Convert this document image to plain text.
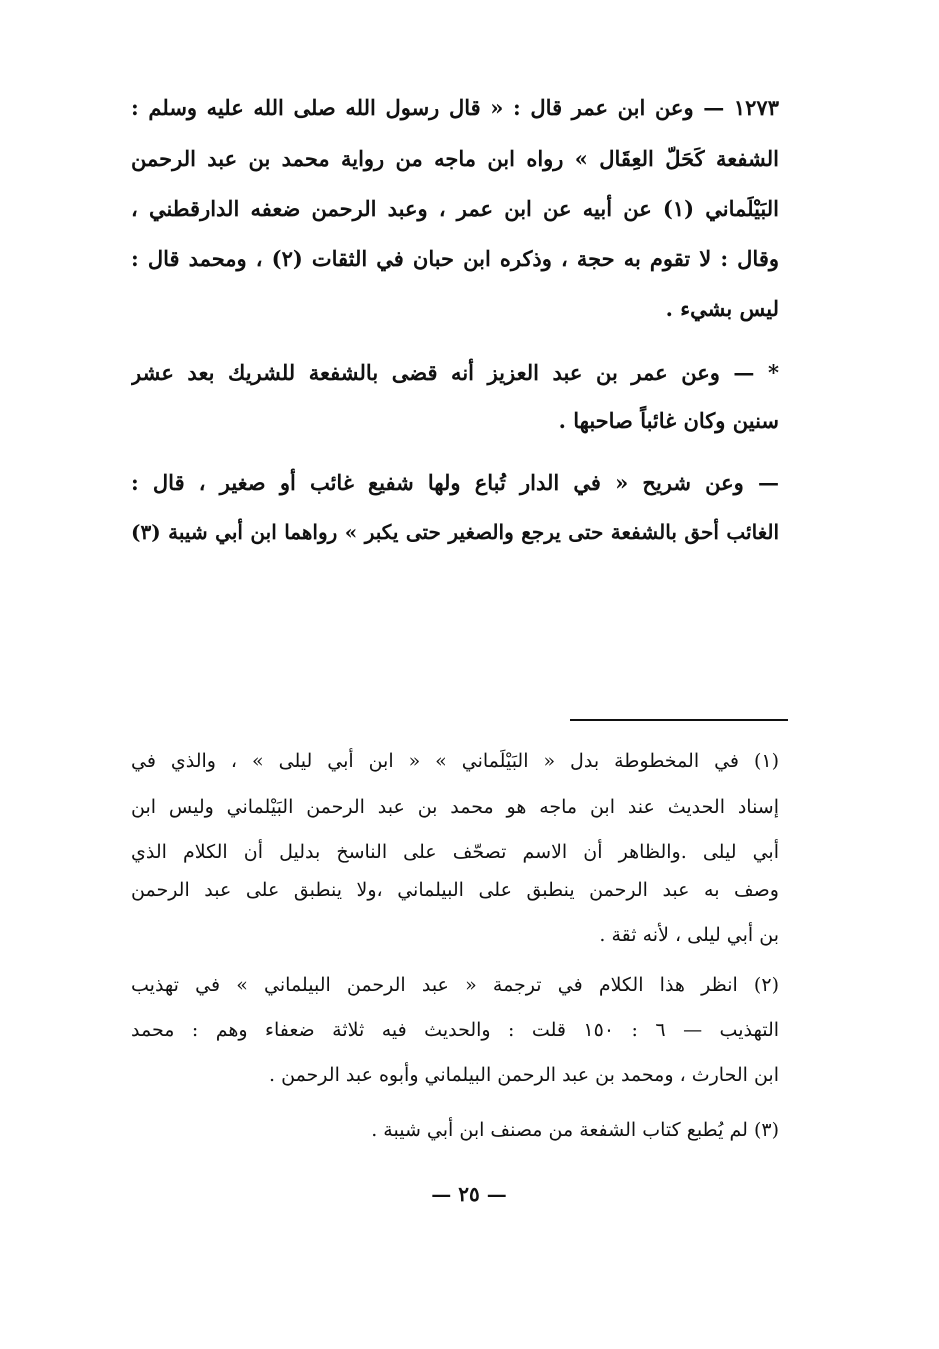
١٢٧٣ — وعن ابن عمر قال : « قال رسول الله صلى الله عليه وسلم :

الشفعة كَحَلّ العِقَال » رواه ابن ماجه من رواية محمد بن عبد الرحمن

البَيْلَماني (١) عن أبيه عن ابن عمر ، وعبد الرحمن ضعفه الدارقطني ،

وقال : لا تقوم به حجة ، وذكره ابن حبان في الثقات (٢) ، ومحمد قال :

ليس بشيء .

* — وعن عمر بن عبد العزيز أنه قضى بالشفعة للشريك بعد عشر

سنين وكان غائباً صاحبها .

— وعن شريح « في الدار تُباع ولها شفيع غائب أو صغير ، قال :

الغائب أحق بالشفعة حتى يرجع والصغير حتى يكبر » رواهما ابن أبي شيبة (٣)

(١) في المخطوطة بدل « البَيْلَماني » « ابن أبي ليلى » ، والذي في

إسناد الحديث عند ابن ماجه هو محمد بن عبد الرحمن البَيْلماني وليس ابن

أبي ليلى .والظاهر أن الاسم تصحّف على الناسخ بدليل أن الكلام الذي

وصف به عبد الرحمن ينطبق على البيلماني ،ولا ينطبق على عبد الرحمن

بن أبي ليلى ، لأنه ثقة .

(٢) انظر هذا الكلام في ترجمة « عبد الرحمن البيلماني » في تهذيب

التهذيب — ٦ : ١٥٠ قلت : والحديث فيه ثلاثة ضعفاء وهم : محمد

ابن الحارث ، ومحمد بن عبد الرحمن البيلماني وأبوه عبد الرحمن .

(٣) لم يُطبع كتاب الشفعة من مصنف ابن أبي شيبة .

— ٢٥ —
